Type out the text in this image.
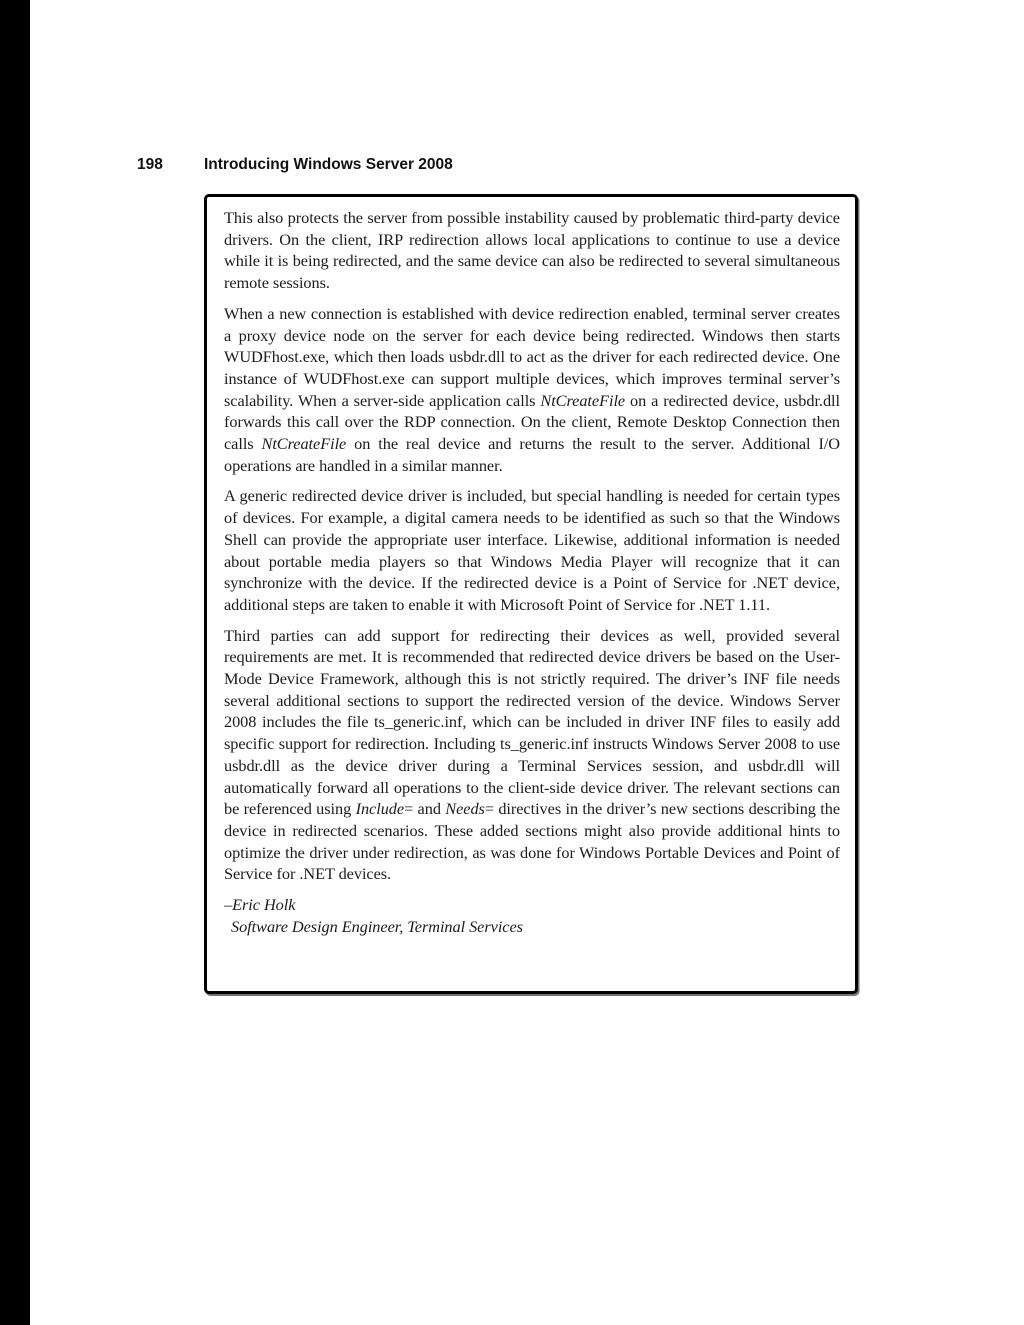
198	Introducing Windows Server 2008

This also protects the server from possible instability caused by problematic third-party device drivers. On the client, IRP redirection allows local applications to continue to use a device while it is being redirected, and the same device can also be redirected to several simultaneous remote sessions.

When a new connection is established with device redirection enabled, terminal server creates a proxy device node on the server for each device being redirected. Windows then starts WUDFhost.exe, which then loads usbdr.dll to act as the driver for each redirected device. One instance of WUDFhost.exe can support multiple devices, which improves terminal server’s scalability. When a server-side application calls NtCreateFile on a redirected device, usbdr.dll forwards this call over the RDP connection. On the client, Remote Desktop Connection then calls NtCreateFile on the real device and returns the result to the server. Additional I/O operations are handled in a similar manner.

A generic redirected device driver is included, but special handling is needed for certain types of devices. For example, a digital camera needs to be identified as such so that the Windows Shell can provide the appropriate user interface. Likewise, additional information is needed about portable media players so that Windows Media Player will recognize that it can synchronize with the device. If the redirected device is a Point of Service for .NET device, additional steps are taken to enable it with Microsoft Point of Service for .NET 1.11.

Third parties can add support for redirecting their devices as well, provided several requirements are met. It is recommended that redirected device drivers be based on the User-Mode Device Framework, although this is not strictly required. The driver’s INF file needs several additional sections to support the redirected version of the device. Windows Server 2008 includes the file ts_generic.inf, which can be included in driver INF files to easily add specific support for redirection. Including ts_generic.inf instructs Windows Server 2008 to use usbdr.dll as the device driver during a Terminal Services session, and usbdr.dll will automatically forward all operations to the client-side device driver. The relevant sections can be referenced using Include= and Needs= directives in the driver’s new sections describing the device in redirected scenarios. These added sections might also provide additional hints to optimize the driver under redirection, as was done for Windows Portable Devices and Point of Service for .NET devices.

–Eric Holk

Software Design Engineer, Terminal Services
